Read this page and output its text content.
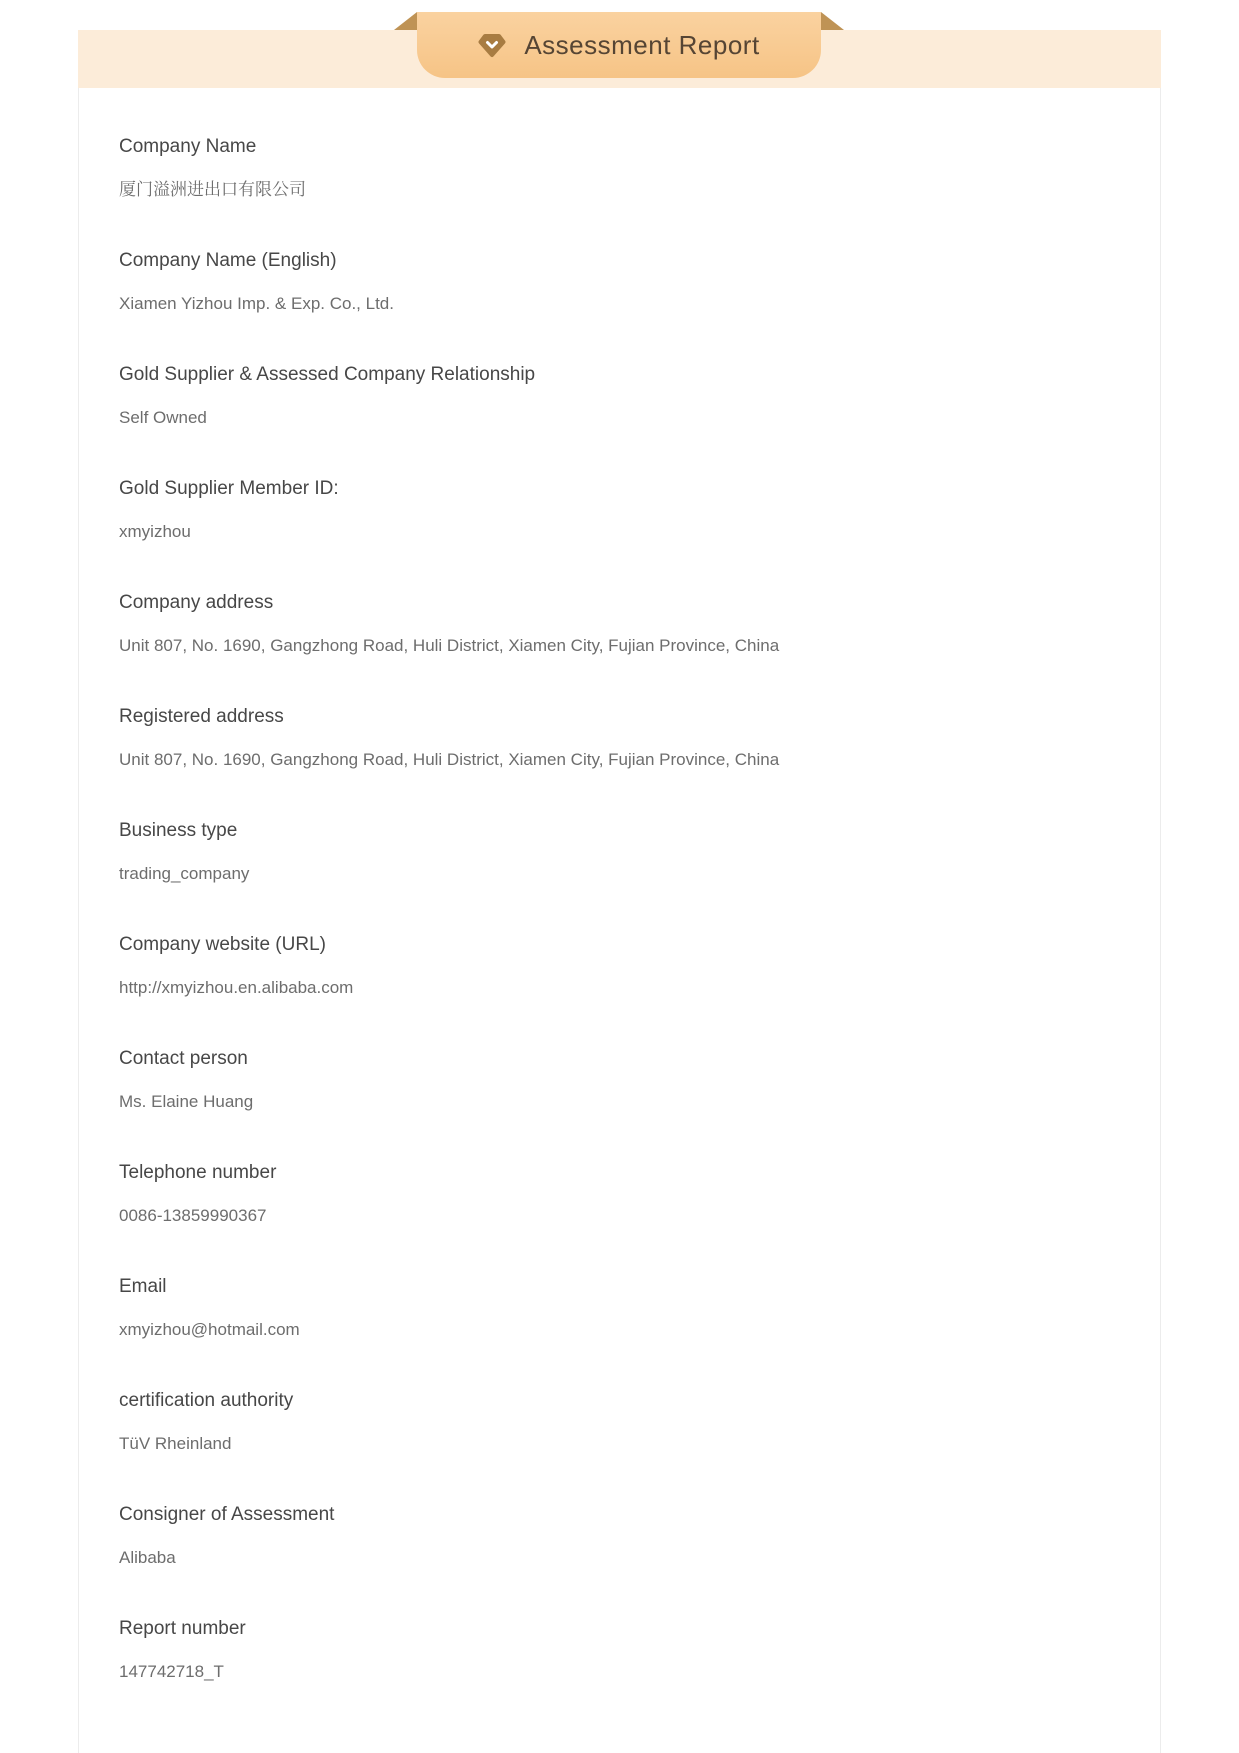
Assessment Report
Company Name
厦门溢洲进出口有限公司
Company Name (English)
Xiamen Yizhou Imp. & Exp. Co., Ltd.
Gold Supplier & Assessed Company Relationship
Self Owned
Gold Supplier Member ID:
xmyizhou
Company address
Unit 807, No. 1690, Gangzhong Road, Huli District, Xiamen City, Fujian Province, China
Registered address
Unit 807, No. 1690, Gangzhong Road, Huli District, Xiamen City, Fujian Province, China
Business type
trading_company
Company website (URL)
http://xmyizhou.en.alibaba.com
Contact person
Ms. Elaine Huang
Telephone number
0086-13859990367
Email
xmyizhou@hotmail.com
certification authority
TüV Rheinland
Consigner of Assessment
Alibaba
Report number
147742718_T
